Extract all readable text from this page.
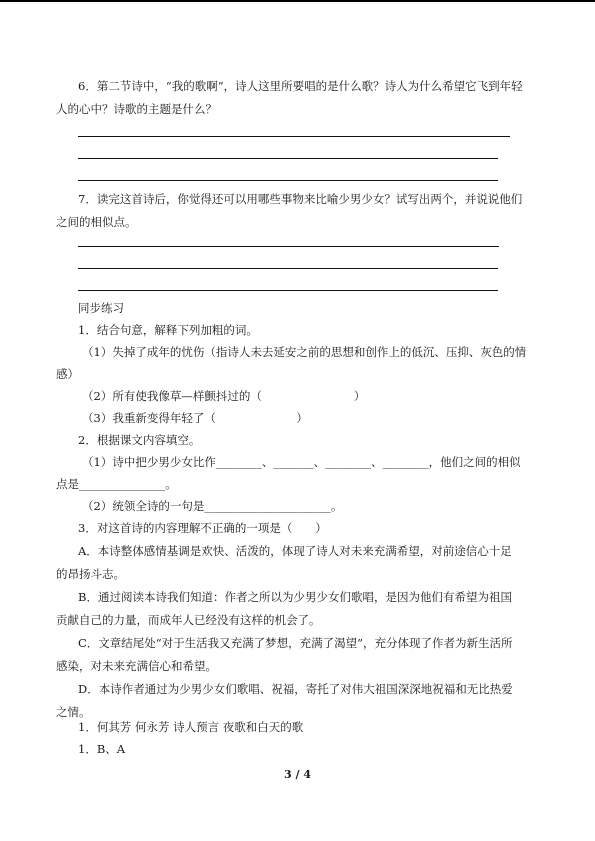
6．第二节诗中，“我的歌啊”，诗人这里所要唱的是什么歌？诗人为什么希望它飞到年轻
人的心中？诗歌的主题是什么？
7．读完这首诗后，你觉得还可以用哪些事物来比喻少男少女？试写出两个，并说说他们
之间的相似点。
同步练习
1．结合句意，解释下列加粗的词。
（1）失掉了成年的忧伤（指诗人未去延安之前的思想和创作上的低沉、压抑、灰色的情
感）
（2）所有使我像草—样颤抖过的（　　　　　　　　）
（3）我重新变得年轻了（　　　　　　　）
2．根据课文内容填空。
（1）诗中把少男少女比作________、_______、________、________，他们之间的相似
点是_______________。
（2）统领全诗的一句是______________________。
3．对这首诗的内容理解不正确的一项是（　　）
A．本诗整体感情基调是欢快、活泼的，体现了诗人对未来充满希望，对前途信心十足
的昂扬斗志。
B．通过阅读本诗我们知道：作者之所以为少男少女们歌唱，是因为他们有希望为祖国
贡献自己的力量，而成年人已经没有这样的机会了。
C．文章结尾处“对于生活我又充满了梦想，充满了渴望”，充分体现了作者为新生活所
感染，对未来充满信心和希望。
D．本诗作者通过为少男少女们歌唱、祝福，寄托了对伟大祖国深深地祝福和无比热爱
之情。
1．何其芳 何永芳 诗人预言 夜歌和白天的歌
1．B、A
3 / 4
